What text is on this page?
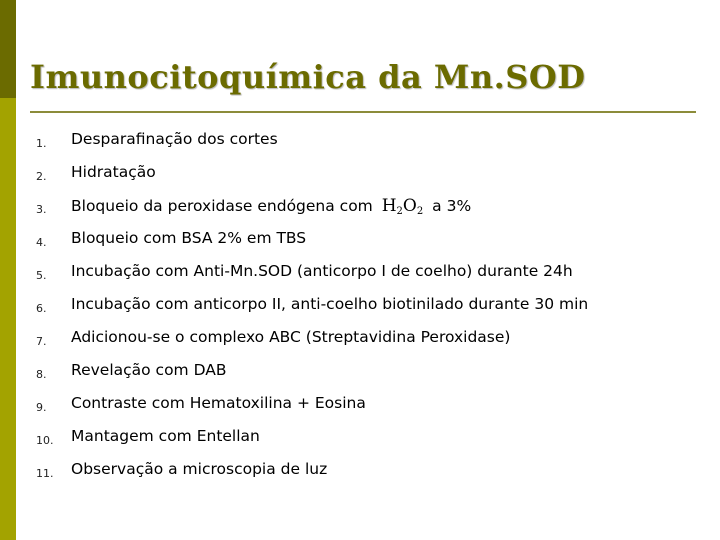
Imunocitoquímica da Mn.SOD
1. Desparafinação dos cortes
2. Hidratação
3. Bloqueio da peroxidase endógena com $H_2O_2$ a 3%
4. Bloqueio com BSA 2% em TBS
5. Incubação com Anti-Mn.SOD (anticorpo I de coelho) durante 24h
6. Incubação com anticorpo II, anti-coelho biotinilado durante 30 min
7. Adicionou-se o complexo ABC (Streptavidina Peroxidase)
8. Revelação com DAB
9. Contraste com Hematoxilina + Eosina
10. Mantagem com Entellan
11. Observação a microscopia de luz
